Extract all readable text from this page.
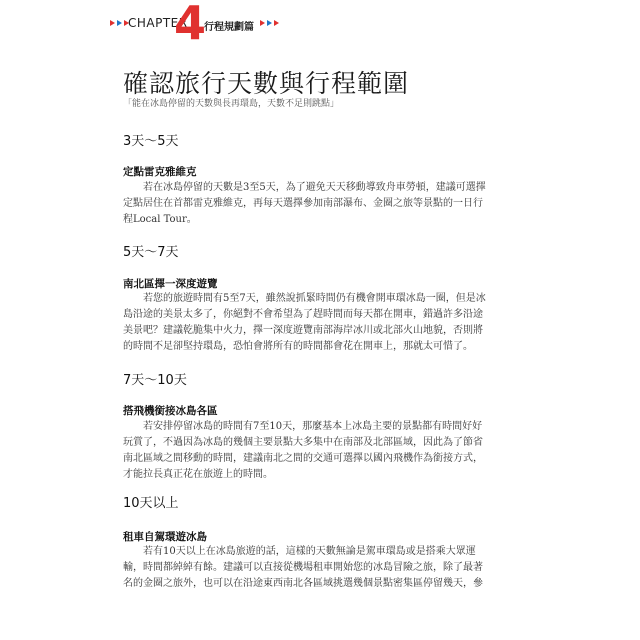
CHAPTER
4
行程規劃篇
確認旅行天數與行程範圍
「能在冰島停留的天數與長再環島，天數不足則跳點」
3天～5天
定點雷克雅維克
若在冰島停留的天數是3至5天，為了避免天天移動導致舟車勞頓，建議可選擇
定點居住在首都雷克雅維克，再每天選擇參加南部瀑布、金圈之旅等景點的一日行
程Local Tour。
5天～7天
南北區擇一深度遊覽
若您的旅遊時間有5至7天，雖然說抓緊時間仍有機會開車環冰島一圈，但是冰
島沿途的美景太多了，你絕對不會希望為了趕時間而每天都在開車，錯過許多沿途
美景吧？建議乾脆集中火力，擇一深度遊覽南部海岸冰川或北部火山地貌，否則將
的時間不足卻堅持環島，恐怕會將所有的時間都會花在開車上，那就太可惜了。
7天～10天
搭飛機銜接冰島各區
若安排停留冰島的時間有7至10天，那麼基本上冰島主要的景點都有時間好好
玩賞了，不過因為冰島的幾個主要景點大多集中在南部及北部區域，因此為了節省
南北區域之間移動的時間，建議南北之間的交通可選擇以國內飛機作為銜接方式，
才能拉長真正花在旅遊上的時間。
10天以上
租車自駕環遊冰島
若有10天以上在冰島旅遊的話，這樣的天數無論是駕車環島或是搭乘大眾運
輸，時間都綽綽有餘。建議可以直接從機場租車開始您的冰島冒險之旅，除了最著
名的金圈之旅外，也可以在沿途東西南北各區域挑選幾個景點密集區停留幾天，參
